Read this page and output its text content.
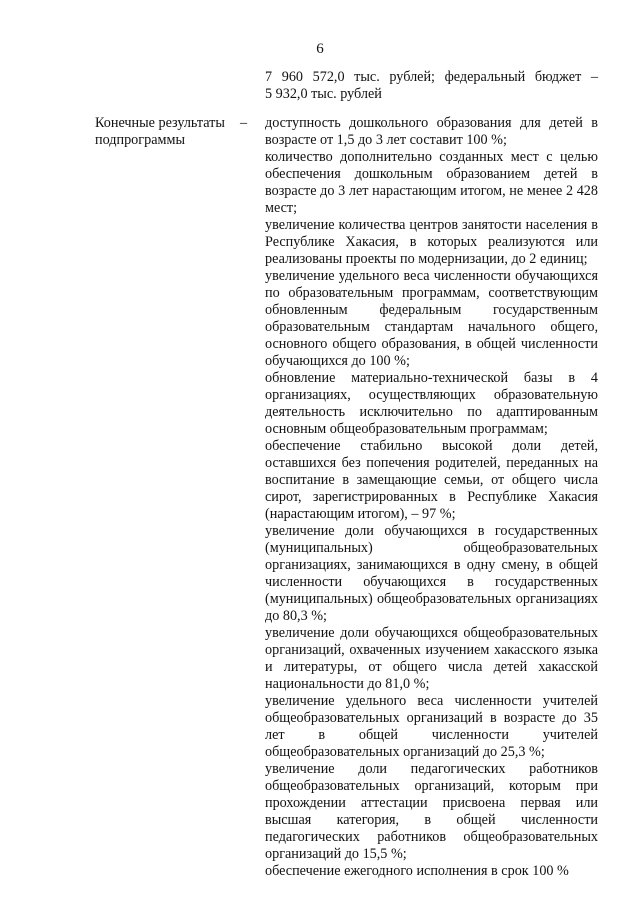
6

7 960 572,0 тыс. рублей; федеральный бюджет –

5 932,0 тыс. рублей

Конечные результаты
подпрограммы
– доступность дошкольного образования для детей в возрасте от 1,5 до 3 лет составит 100 %;

количество дополнительно созданных мест с целью обеспечения дошкольным образованием детей в возрасте до 3 лет нарастающим итогом, не менее 2 428 мест;

увеличение количества центров занятости населения в Республике Хакасия, в которых реализуются или реализованы проекты по модернизации, до 2 единиц;

увеличение удельного веса численности обучающихся по образовательным программам, соответствующим обновленным федеральным государственным образовательным стандартам начального общего, основного общего образования, в общей численности обучающихся до 100 %;

обновление материально-технической базы в 4 организациях, осуществляющих образовательную деятельность исключительно по адаптированным основным общеобразовательным программам;

обеспечение стабильно высокой доли детей, оставшихся без попечения родителей, переданных на воспитание в замещающие семьи, от общего числа сирот, зарегистрированных в Республике Хакасия (нарастающим итогом), – 97 %;

увеличение доли обучающихся в государственных (муниципальных) общеобразовательных организациях, занимающихся в одну смену, в общей численности обучающихся в государственных (муниципальных) общеобразовательных организациях до 80,3 %;

увеличение доли обучающихся общеобразовательных организаций, охваченных изучением хакасского языка и литературы, от общего числа детей хакасской национальности до 81,0 %;

увеличение удельного веса численности учителей общеобразовательных организаций в возрасте до 35 лет в общей численности учителей общеобразовательных организаций до 25,3 %;

увеличение доли педагогических работников общеобразовательных организаций, которым при прохождении аттестации присвоена первая или высшая категория, в общей численности педагогических работников общеобразовательных организаций до 15,5 %;

обеспечение ежегодного исполнения в срок 100 %
